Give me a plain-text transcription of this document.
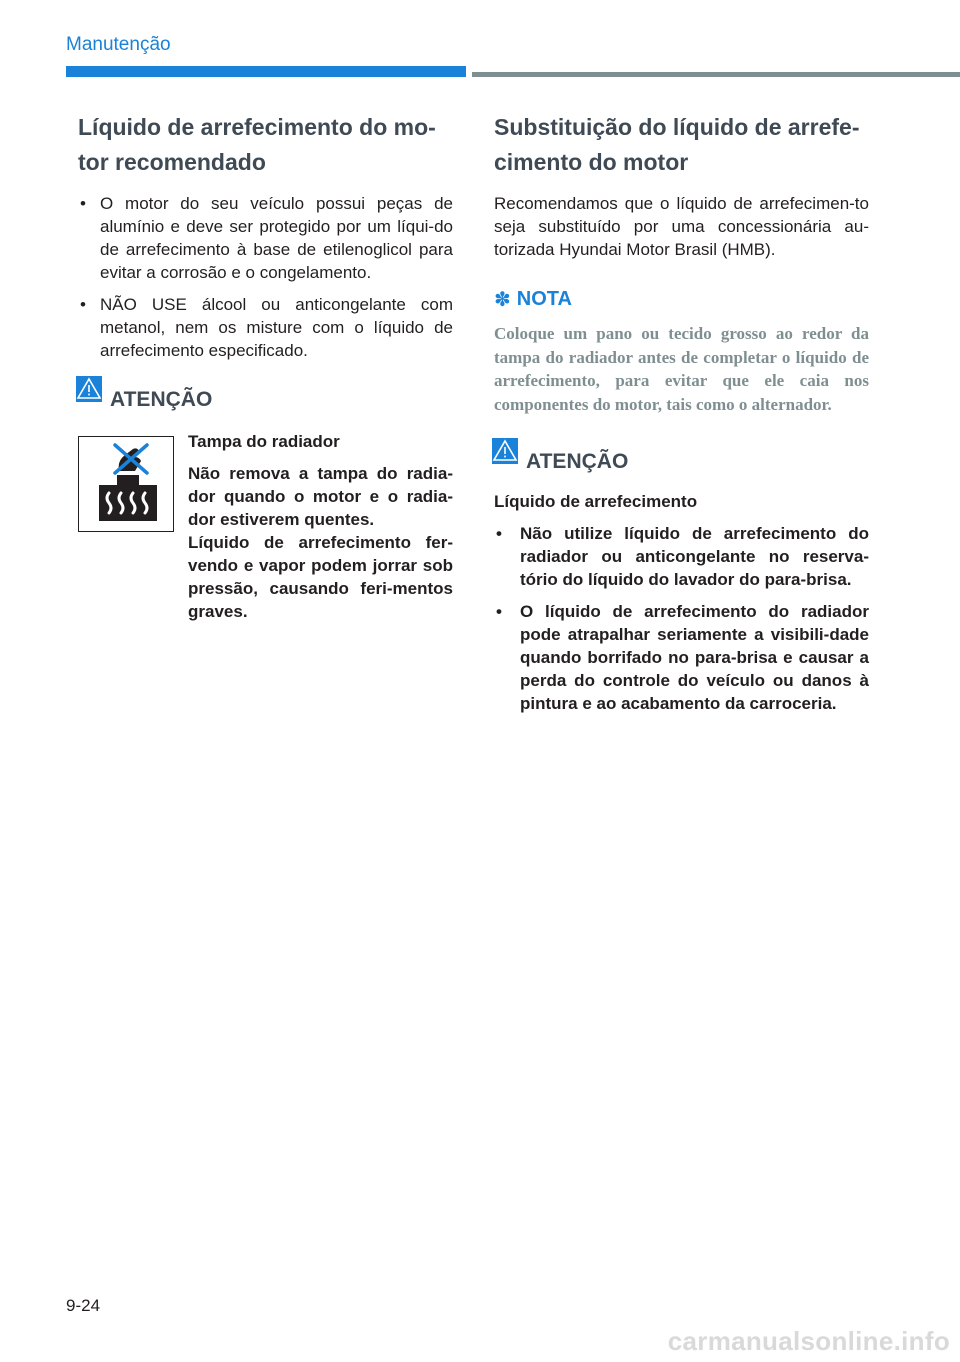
Manutenção
Líquido de arrefecimento do mo-tor recomendado
• O motor do seu veículo possui peças de alumínio e deve ser protegido por um líqui-do de arrefecimento à base de etilenoglicol para evitar a corrosão e o congelamento.
• NÃO USE álcool ou anticongelante com metanol, nem os misture com o líquido de arrefecimento especificado.
ATENÇÃO

Tampa do radiador

Não remova a tampa do radia-dor quando o motor e o radia-dor estiverem quentes.

Líquido de arrefecimento fer-vendo e vapor podem jorrar sob pressão, causando feri-mentos graves.

Substituição do líquido de arrefe-cimento do motor

Recomendamos que o líquido de arrefecimen-to seja substituído por uma concessionária au-torizada Hyundai Motor Brasil (HMB).

✽ NOTA
Coloque um pano ou tecido grosso ao redor da tampa do radiador antes de completar o líquido de arrefecimento, para evitar que ele caia nos componentes do motor, tais como o alternador.
ATENÇÃO
Líquido de arrefecimento
• Não utilize líquido de arrefecimento do radiador ou anticongelante no reserva-tório do líquido do lavador do para-brisa.
• O líquido de arrefecimento do radiador pode atrapalhar seriamente a visibili-dade quando borrifado no para-brisa e causar a perda do controle do veículo ou danos à pintura e ao acabamento da carroceria.
9-24
carmanualsonline.info
